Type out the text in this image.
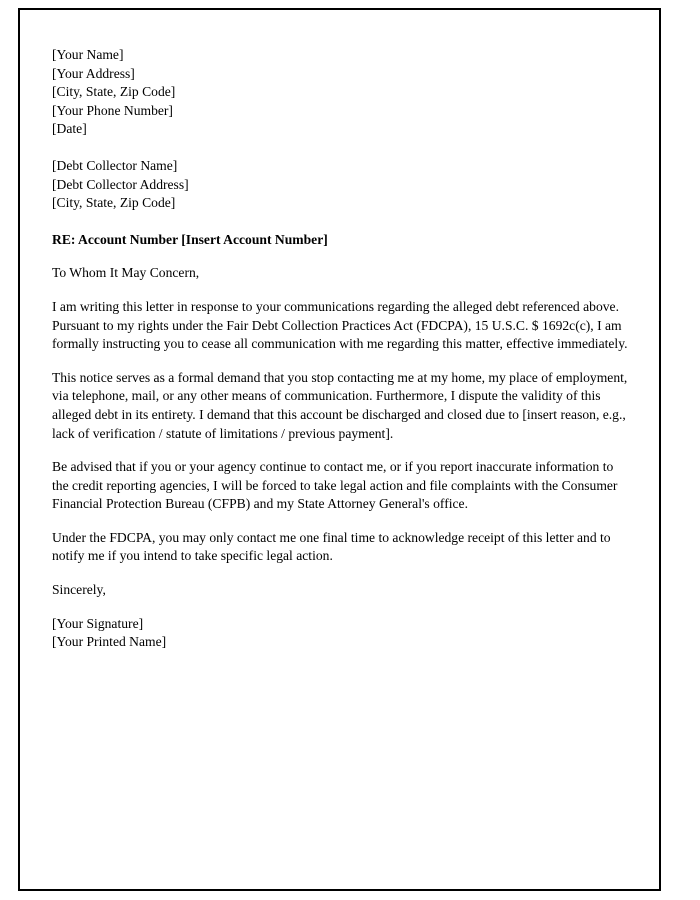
[Your Name]
[Your Address]
[City, State, Zip Code]
[Your Phone Number]
[Date]
[Debt Collector Name]
[Debt Collector Address]
[City, State, Zip Code]
RE: Account Number [Insert Account Number]
To Whom It May Concern,
I am writing this letter in response to your communications regarding the alleged debt referenced above. Pursuant to my rights under the Fair Debt Collection Practices Act (FDCPA), 15 U.S.C. $ 1692c(c), I am formally instructing you to cease all communication with me regarding this matter, effective immediately.
This notice serves as a formal demand that you stop contacting me at my home, my place of employment, via telephone, mail, or any other means of communication. Furthermore, I dispute the validity of this alleged debt in its entirety. I demand that this account be discharged and closed due to [insert reason, e.g., lack of verification / statute of limitations / previous payment].
Be advised that if you or your agency continue to contact me, or if you report inaccurate information to the credit reporting agencies, I will be forced to take legal action and file complaints with the Consumer Financial Protection Bureau (CFPB) and my State Attorney General's office.
Under the FDCPA, you may only contact me one final time to acknowledge receipt of this letter and to notify me if you intend to take specific legal action.
Sincerely,
[Your Signature]
[Your Printed Name]
